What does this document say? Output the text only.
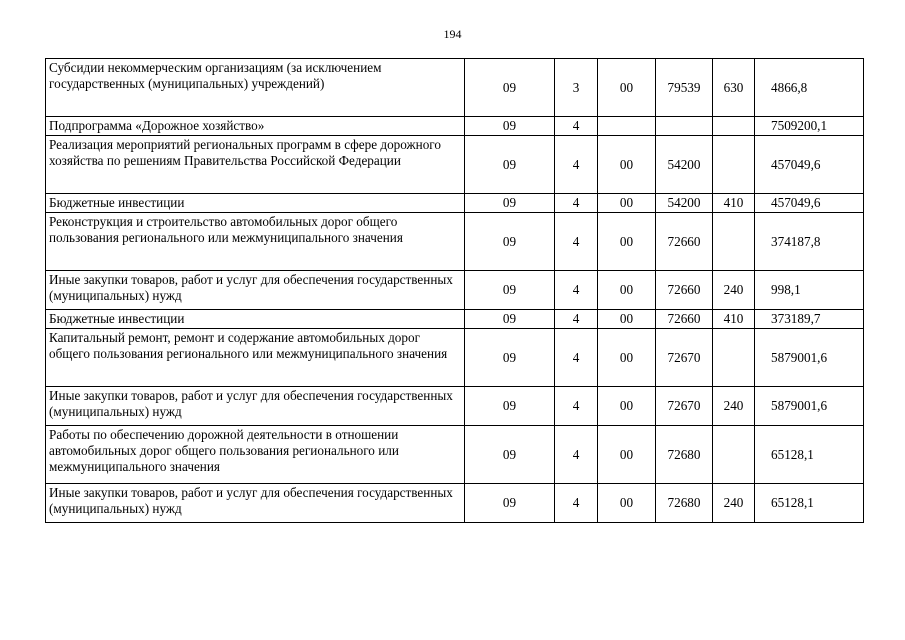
194
Субсидии некоммерческим организациям (за исключением государственных (муниципальных) учреждений)	09	3	00	79539	630	4866,8
Подпрограмма «Дорожное хозяйство»	09	4				7509200,1
Реализация мероприятий региональных программ в сфере дорожного хозяйства по решениям Правительства Российской Федерации	09	4	00	54200		457049,6
Бюджетные инвестиции	09	4	00	54200	410	457049,6
Реконструкция и строительство автомобильных дорог общего пользования регионального или межмуниципального значения	09	4	00	72660		374187,8
Иные закупки товаров, работ и услуг для обеспечения государственных (муниципальных) нужд	09	4	00	72660	240	998,1
Бюджетные инвестиции	09	4	00	72660	410	373189,7
Капитальный ремонт, ремонт и содержание автомобильных дорог общего пользования регионального или межмуниципального значения	09	4	00	72670		5879001,6
Иные закупки товаров, работ и услуг для обеспечения государственных (муниципальных) нужд	09	4	00	72670	240	5879001,6
Работы по обеспечению дорожной деятельности в отношении автомобильных дорог общего пользования регионального или межмуниципального значения	09	4	00	72680		65128,1
Иные закупки товаров, работ и услуг для обеспечения государственных (муниципальных) нужд	09	4	00	72680	240	65128,1
